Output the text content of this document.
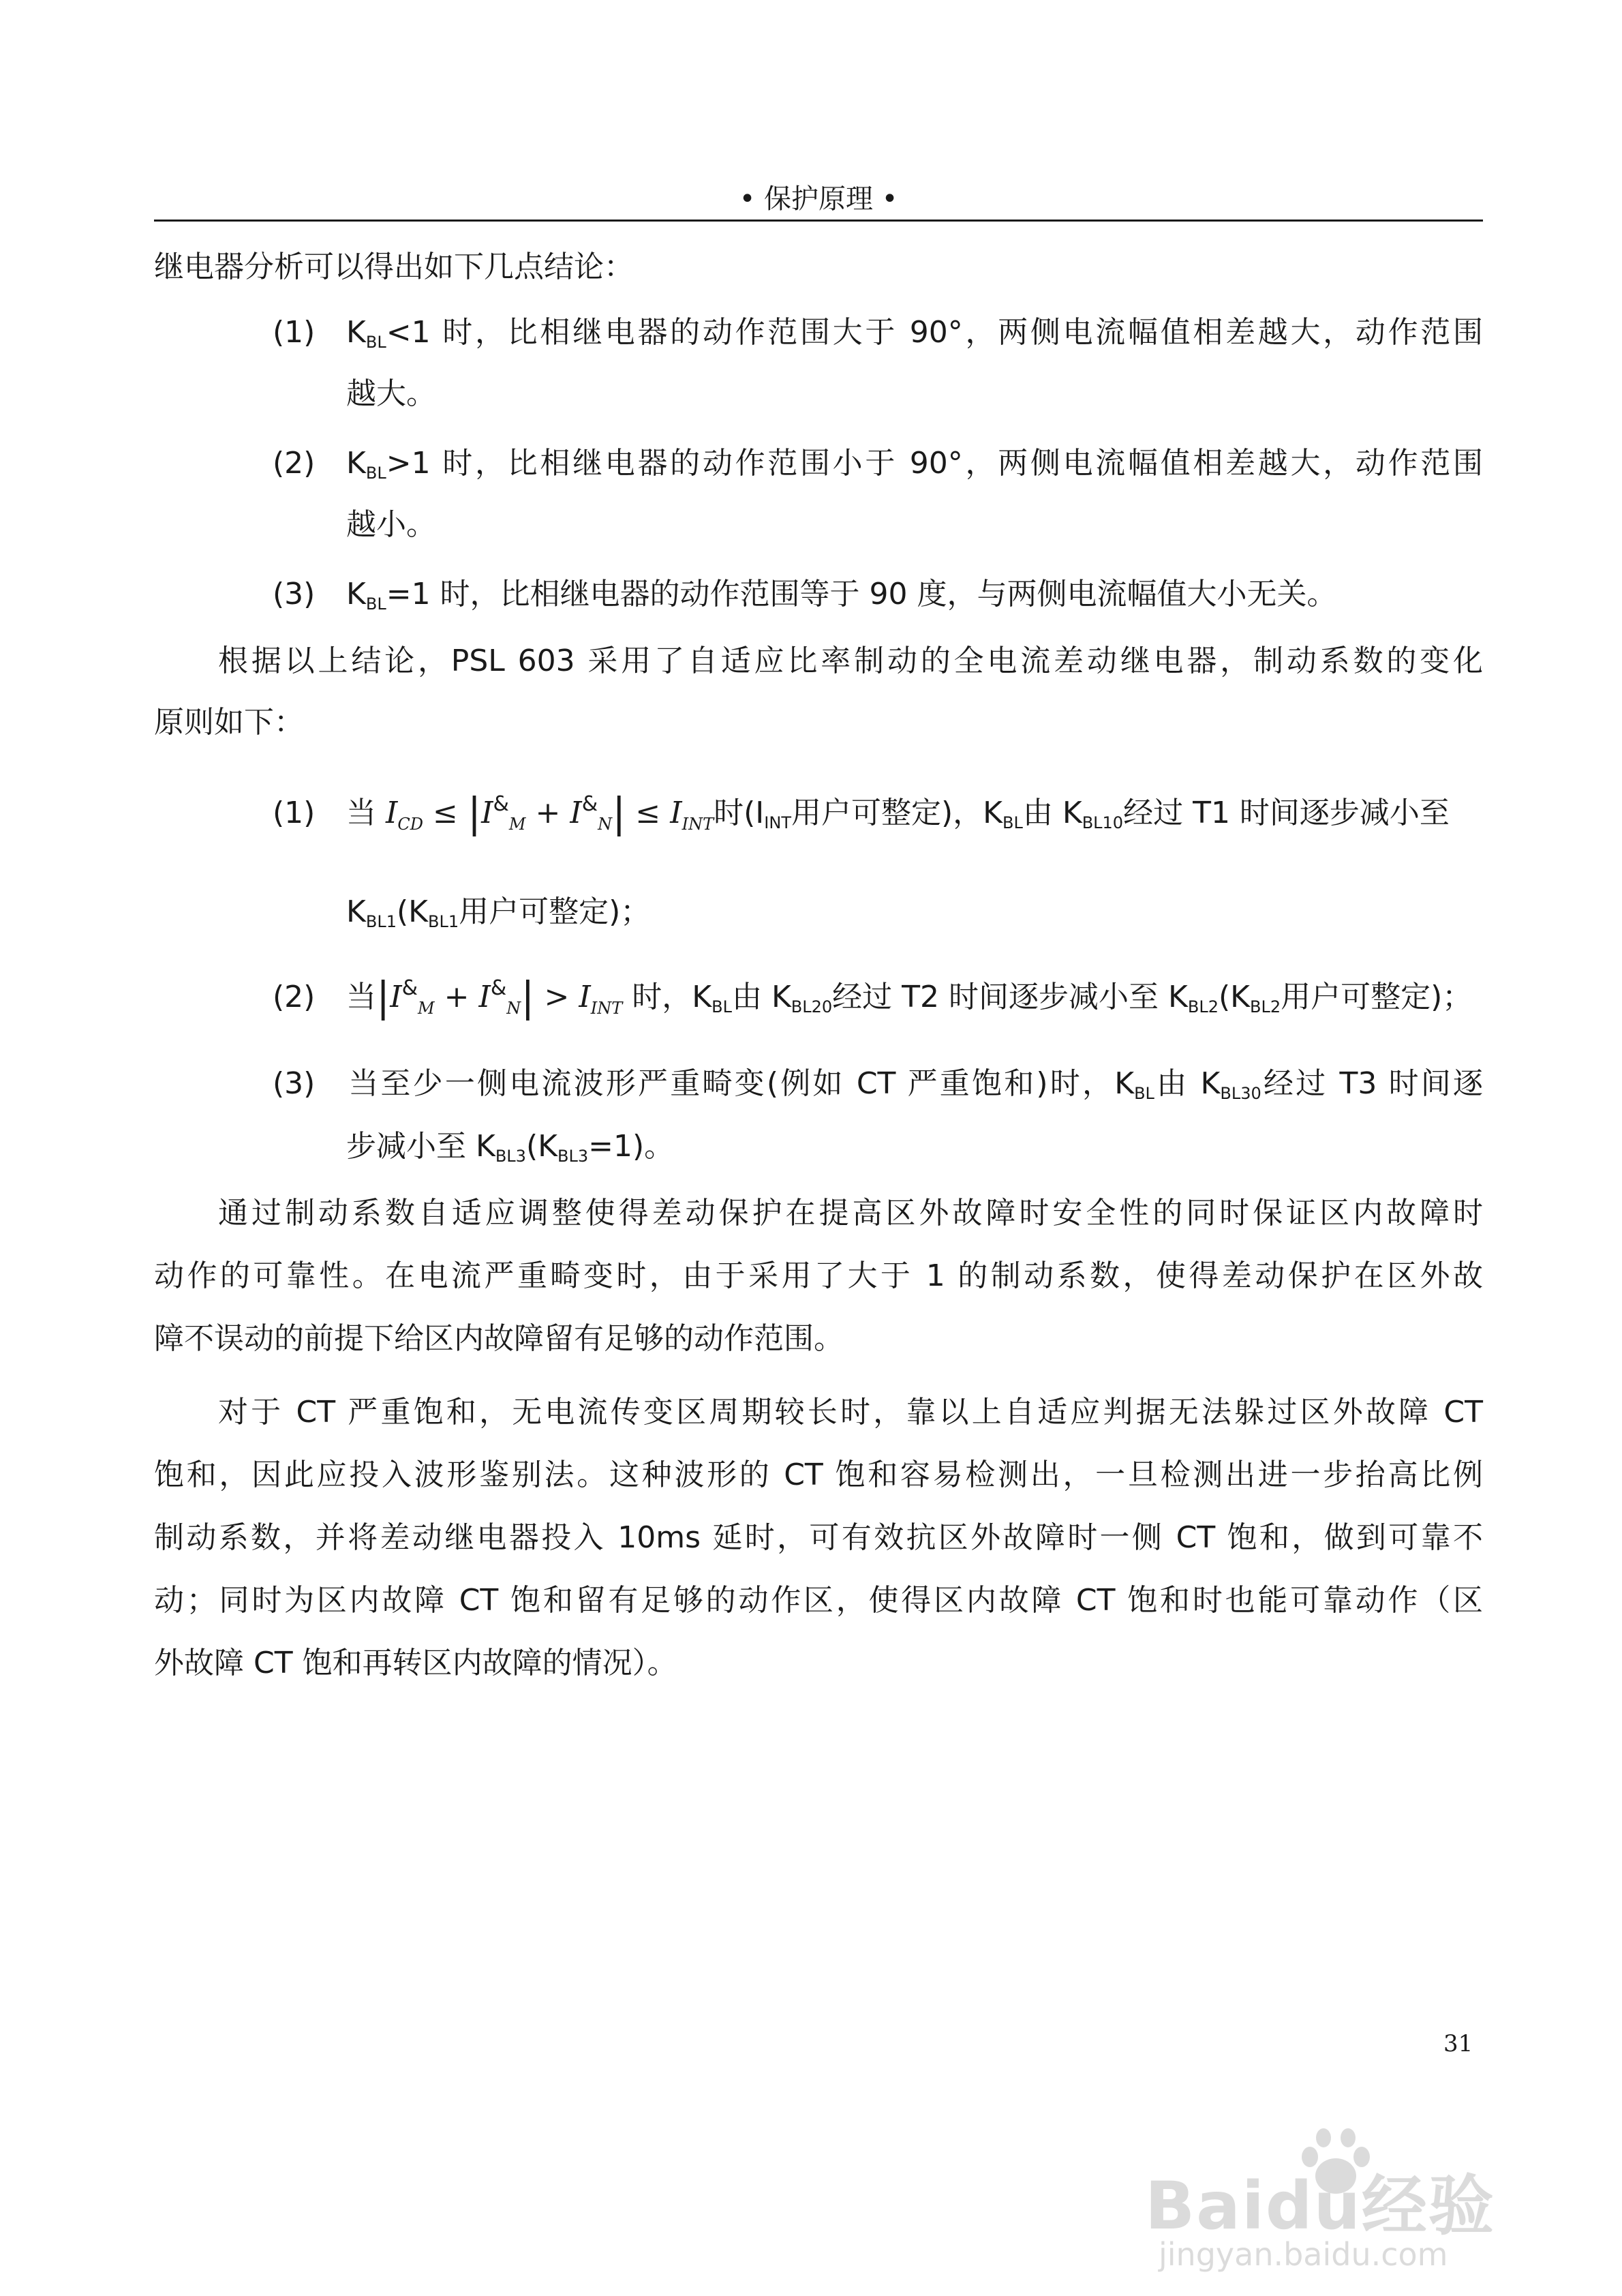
• 保护原理 •
继电器分析可以得出如下几点结论：
(1) $K_{BL}<1$ 时，比相继电器的动作范围大于 90°，两侧电流幅值相差越大，动作范围
越大。
(2) $K_{BL}>1$ 时，比相继电器的动作范围小于 90°，两侧电流幅值相差越大，动作范围
越小。
(3) $K_{BL}=1$ 时，比相继电器的动作范围等于 90 度，与两侧电流幅值大小无关。
根据以上结论，PSL 603 采用了自适应比率制动的全电流差动继电器，制动系数的变化
原则如下：
(1) 当 $I_{CD} \le |I^{\&}_M + I^{\&}_N| \le I_{INT}$时($I_{INT}$用户可整定)，$K_{BL}$由 $K_{BL10}$经过 T1 时间逐步减小至
$K_{BL1}(K_{BL1}$用户可整定)；
(2) 当$|I^{\&}_M + I^{\&}_N| > I_{INT}$ 时，$K_{BL}$由 $K_{BL20}$经过 T2 时间逐步减小至 $K_{BL2}(K_{BL2}$用户可整定)；
(3) 当至少一侧电流波形严重畸变(例如 CT 严重饱和)时，$K_{BL}$由 $K_{BL30}$经过 T3 时间逐
步减小至 $K_{BL3}(K_{BL3}=1)$。
通过制动系数自适应调整使得差动保护在提高区外故障时安全性的同时保证区内故障时
动作的可靠性。在电流严重畸变时，由于采用了大于 1 的制动系数，使得差动保护在区外故
障不误动的前提下给区内故障留有足够的动作范围。
对于 CT 严重饱和，无电流传变区周期较长时，靠以上自适应判据无法躲过区外故障 CT
饱和，因此应投入波形鉴别法。这种波形的 CT 饱和容易检测出，一旦检测出进一步抬高比例
制动系数，并将差动继电器投入 10ms 延时，可有效抗区外故障时一侧 CT 饱和，做到可靠不
动；同时为区内故障 CT 饱和留有足够的动作区，使得区内故障 CT 饱和时也能可靠动作（区
外故障 CT 饱和再转区内故障的情况）。
31
Baidu经验
jingyan.baidu.com
